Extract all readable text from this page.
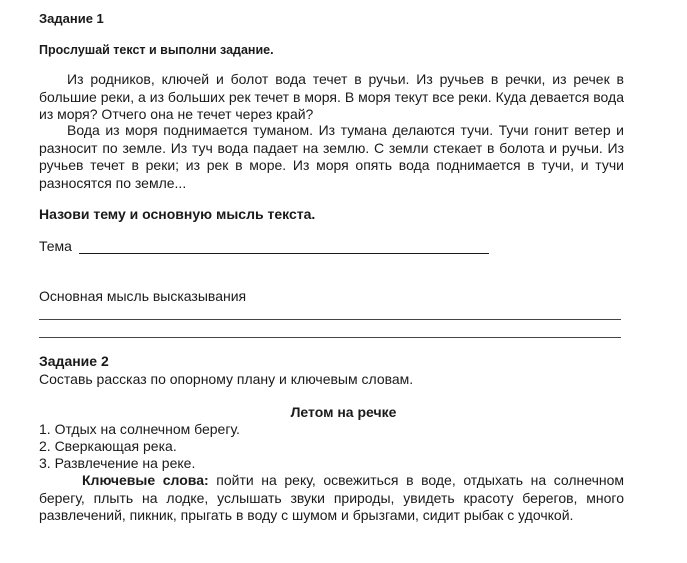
Задание 1
Прослушай текст и выполни задание.
Из родников, ключей и болот вода течет в ручьи. Из ручьев в речки, из речек в большие реки, а из больших рек течет в моря. В моря текут все реки. Куда девается вода из моря? Отчего она не течет через край?
Вода из моря поднимается туманом. Из тумана делаются тучи. Тучи гонит ветер и разносит по земле. Из туч вода падает на землю. С земли стекает в болота и ручьи. Из ручьев течет в реки; из рек в море. Из моря опять вода поднимается в тучи, и тучи разносятся по земле...
Назови тему и основную мысль текста.
Тема
Основная мысль высказывания
Задание 2
Составь рассказ по опорному плану и ключевым словам.
Летом на речке
1. Отдых на солнечном берегу.
2. Сверкающая река.
3. Развлечение на реке.
Ключевые слова: пойти на реку, освежиться в воде, отдыхать на солнечном берегу, плыть на лодке, услышать звуки природы, увидеть красоту берегов, много развлечений, пикник, прыгать в воду с шумом и брызгами, сидит рыбак с удочкой.
